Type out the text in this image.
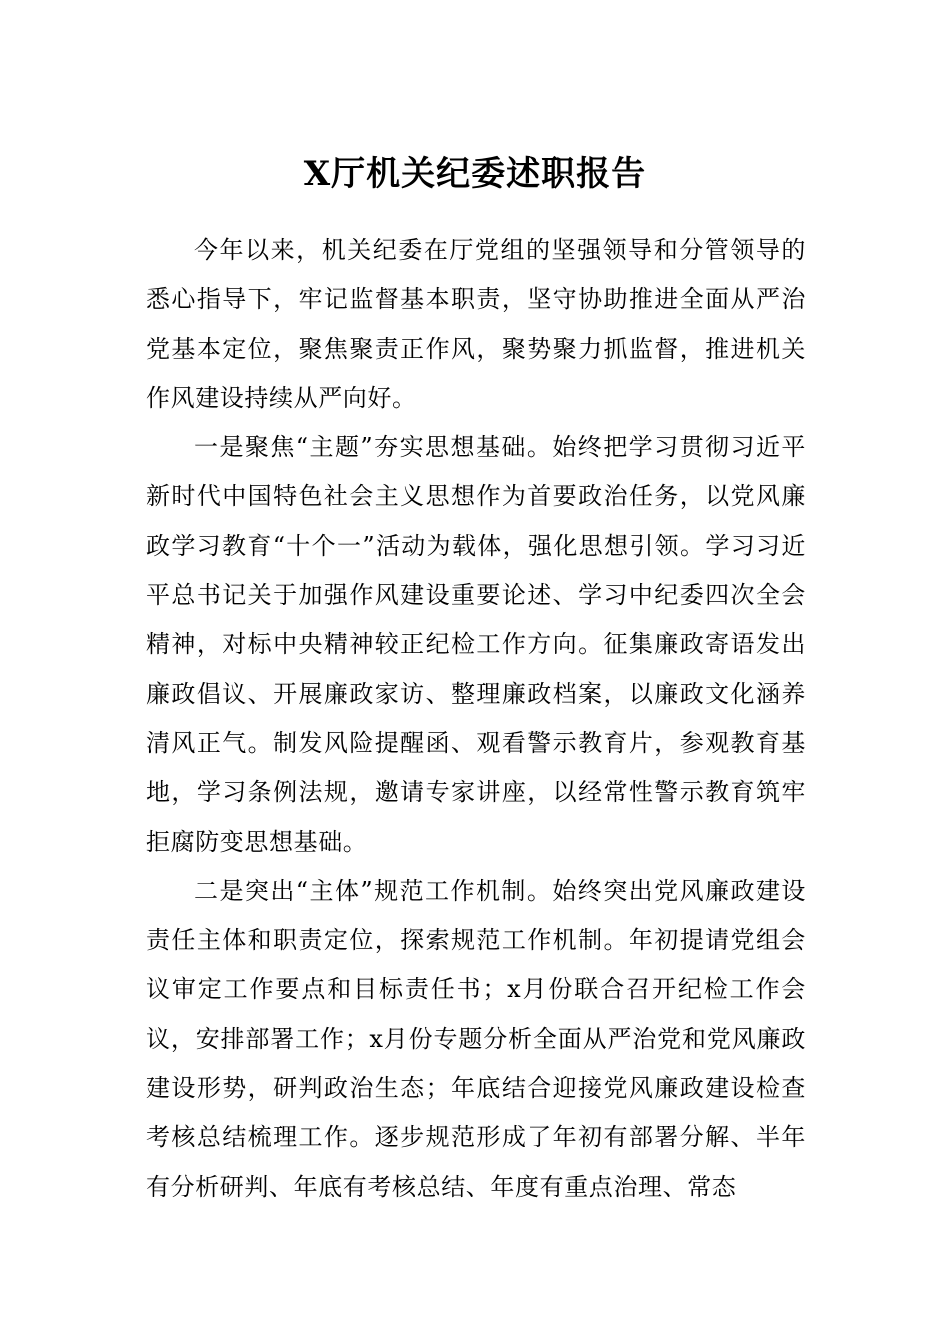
X厅机关纪委述职报告

今年以来，机关纪委在厅党组的坚强领导和分管领导的悉心指导下，牢记监督基本职责，坚守协助推进全面从严治党基本定位，聚焦聚责正作风，聚势聚力抓监督，推进机关作风建设持续从严向好。

一是聚焦“主题”夯实思想基础。始终把学习贯彻习近平新时代中国特色社会主义思想作为首要政治任务，以党风廉政学习教育“十个一”活动为载体，强化思想引领。学习习近平总书记关于加强作风建设重要论述、学习中纪委四次全会精神，对标中央精神较正纪检工作方向。征集廉政寄语发出廉政倡议、开展廉政家访、整理廉政档案，以廉政文化涵养清风正气。制发风险提醒函、观看警示教育片，参观教育基地，学习条例法规，邀请专家讲座，以经常性警示教育筑牢拒腐防变思想基础。

二是突出“主体”规范工作机制。始终突出党风廉政建设责任主体和职责定位，探索规范工作机制。年初提请党组会议审定工作要点和目标责任书；x月份联合召开纪检工作会议，安排部署工作；x月份专题分析全面从严治党和党风廉政建设形势，研判政治生态；年底结合迎接党风廉政建设检查考核总结梳理工作。逐步规范形成了年初有部署分解、半年有分析研判、年底有考核总结、年度有重点治理、常态
